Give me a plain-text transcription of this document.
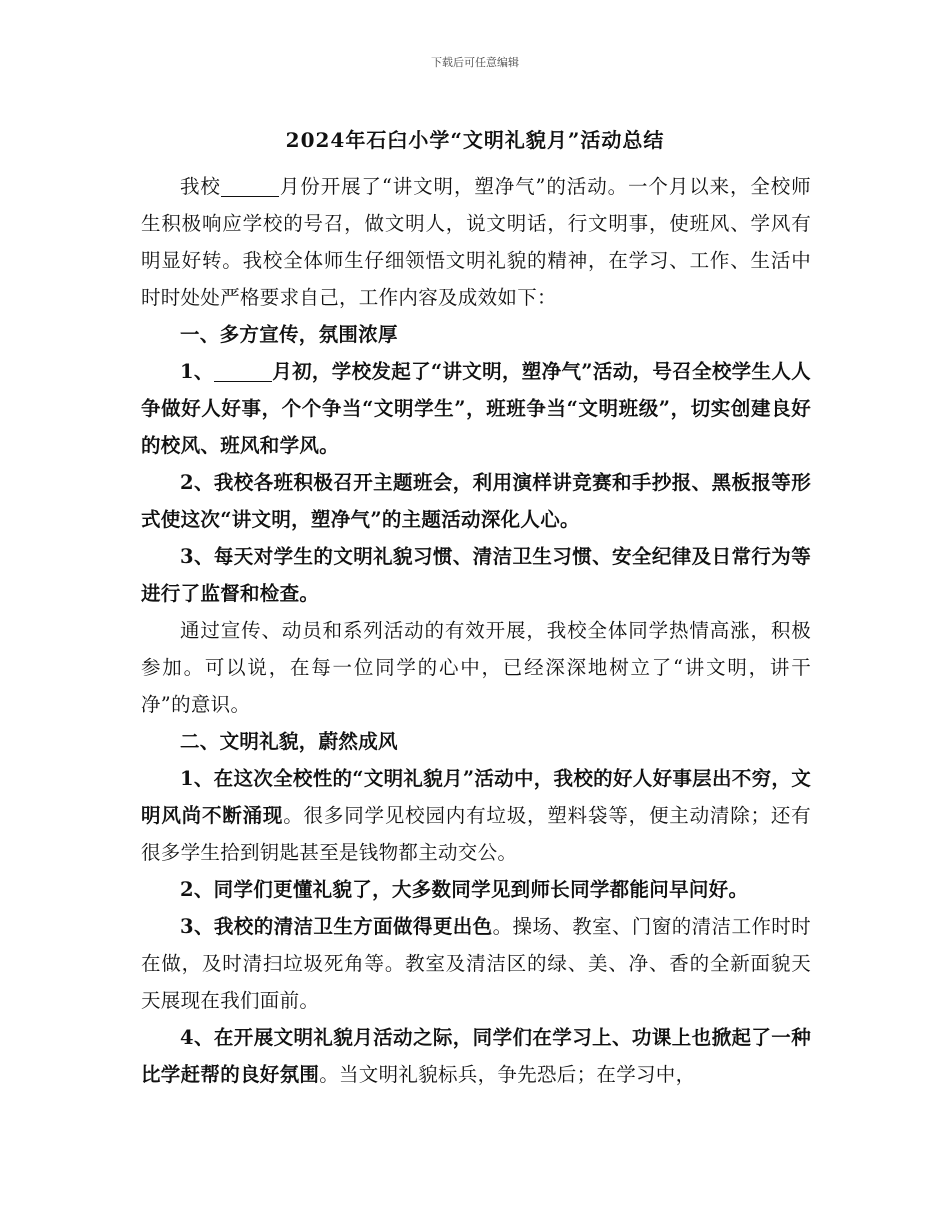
下载后可任意编辑
2024年石臼小学“文明礼貌月”活动总结

我校	月份开展了“讲文明，塑净气”的活动。一个月以来，全校师生积极响应学校的号召，做文明人，说文明话，行文明事，使班风、学风有明显好转。我校全体师生仔细领悟文明礼貌的精神，在学习、工作、生活中时时处处严格要求自己，工作内容及成效如下：

一、多方宣传，氛围浓厚

1、	月初，学校发起了“讲文明，塑净气”活动，号召全校学生人人争做好人好事，个个争当“文明学生”，班班争当“文明班级”，切实创建良好的校风、班风和学风。

2、我校各班积极召开主题班会，利用演样讲竞赛和手抄报、黑板报等形式使这次“讲文明，塑净气”的主题活动深化人心。

3、每天对学生的文明礼貌习惯、清洁卫生习惯、安全纪律及日常行为等进行了监督和检查。

通过宣传、动员和系列活动的有效开展，我校全体同学热情高涨，积极参加。可以说，在每一位同学的心中，已经深深地树立了“讲文明，讲干净”的意识。

二、文明礼貌，蔚然成风

1、在这次全校性的“文明礼貌月”活动中，我校的好人好事层出不穷，文明风尚不断涌现。很多同学见校园内有垃圾，塑料袋等，便主动清除；还有很多学生拾到钥匙甚至是钱物都主动交公。

2、同学们更懂礼貌了，大多数同学见到师长同学都能问早问好。

3、我校的清洁卫生方面做得更出色。操场、教室、门窗的清洁工作时时在做，及时清扫垃圾死角等。教室及清洁区的绿、美、净、香的全新面貌天天展现在我们面前。

4、在开展文明礼貌月活动之际，同学们在学习上、功课上也掀起了一种比学赶帮的良好氛围。当文明礼貌标兵，争先恐后；在学习中，
